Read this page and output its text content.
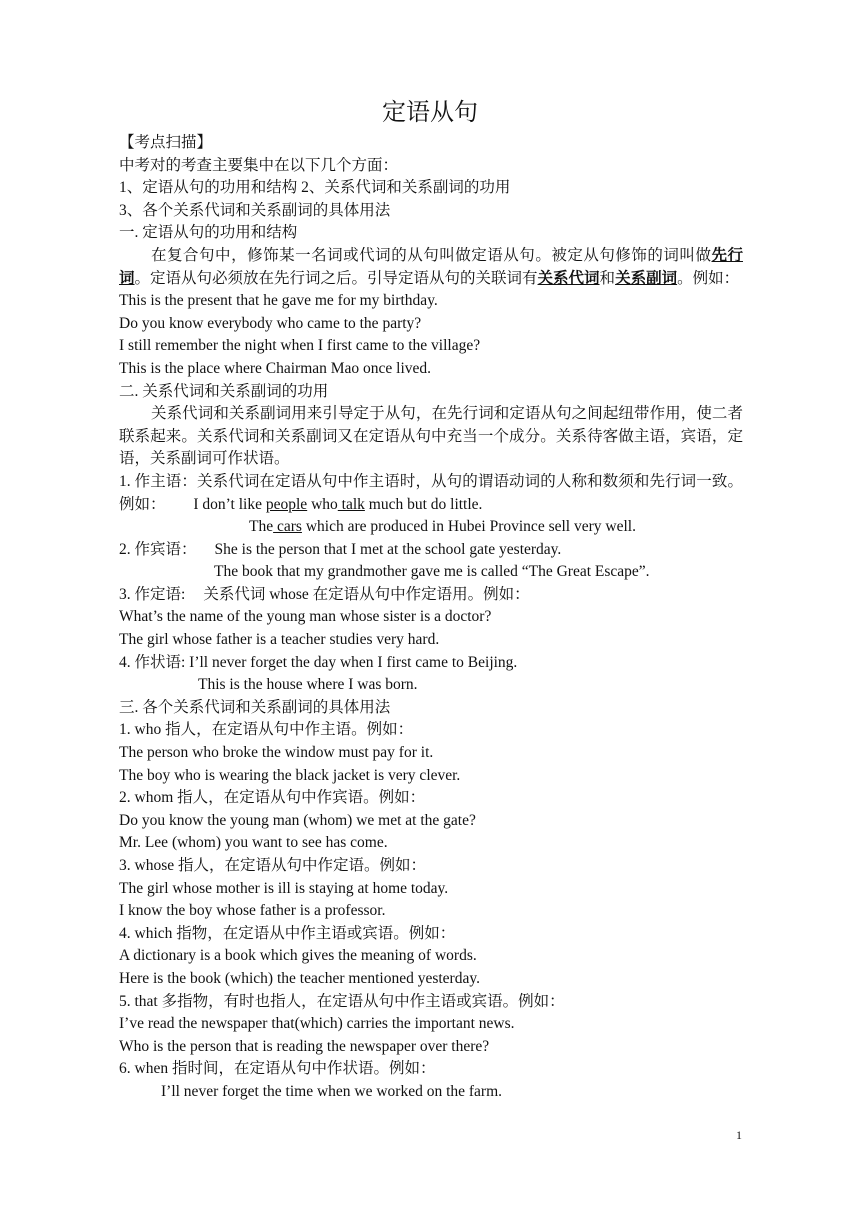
定语从句
【考点扫描】
中考对的考查主要集中在以下几个方面：
1、定语从句的功用和结构 2、关系代词和关系副词的功用
3、各个关系代词和关系副词的具体用法
一. 定语从句的功用和结构
在复合句中，修饰某一名词或代词的从句叫做定语从句。被定从句修饰的词叫做先行词。定语从句必须放在先行词之后。引导定语从句的关联词有关系代词和关系副词。例如：
This is the present that he gave me for my birthday.
Do you know everybody who came to the party?
I still remember the night when I first came to the village?
This is the place where Chairman Mao once lived.
二. 关系代词和关系副词的功用
关系代词和关系副词用来引导定于从句，在先行词和定语从句之间起纽带作用，使二者联系起来。关系代词和关系副词又在定语从句中充当一个成分。关系待客做主语，宾语，定语，关系副词可作状语。
1. 作主语：关系代词在定语从句中作主语时，从句的谓语动词的人称和数须和先行词一致。例如： I don’t like people who talk much but do little.
The cars which are produced in Hubei Province sell very well.
2. 作宾语： She is the person that I met at the school gate yesterday.
The book that my grandmother gave me is called “The Great Escape”.
3. 作定语: 关系代词 whose 在定语从句中作定语用。例如：
What’s the name of the young man whose sister is a doctor?
The girl whose father is a teacher studies very hard.
4. 作状语: I’ll never forget the day when I first came to Beijing.
This is the house where I was born.
三. 各个关系代词和关系副词的具体用法
1. who 指人，在定语从句中作主语。例如：
The person who broke the window must pay for it.
The boy who is wearing the black jacket is very clever.
2. whom 指人，在定语从句中作宾语。例如：
Do you know the young man (whom) we met at the gate?
Mr. Lee (whom) you want to see has come.
3. whose 指人，在定语从句中作定语。例如：
The girl whose mother is ill is staying at home today.
I know the boy whose father is a professor.
4. which 指物，在定语从中作主语或宾语。例如：
A dictionary is a book which gives the meaning of words.
Here is the book (which) the teacher mentioned yesterday.
5. that 多指物，有时也指人，在定语从句中作主语或宾语。例如：
I’ve read the newspaper that(which) carries the important news.
Who is the person that is reading the newspaper over there?
6. when 指时间，在定语从句中作状语。例如：
I’ll never forget the time when we worked on the farm.
1
